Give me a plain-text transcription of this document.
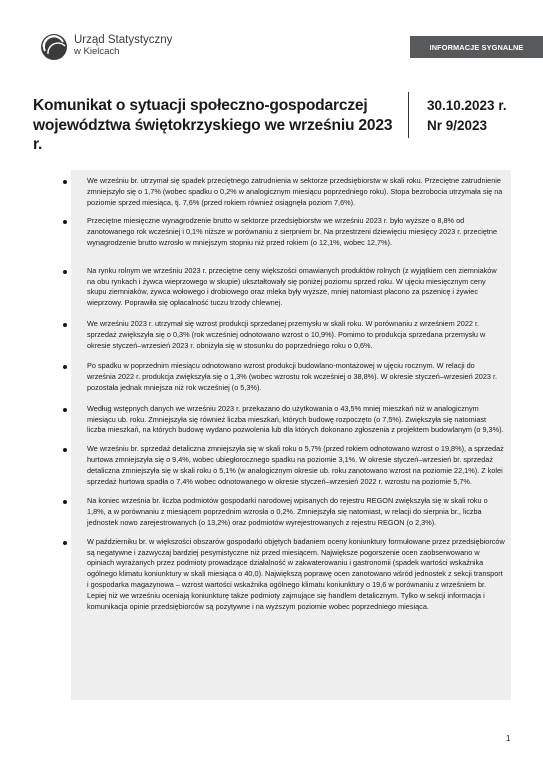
Urząd Statystyczny
w Kielcach	INFORMACJE SYGNALNE
Komunikat o sytuacji społeczno-gospodarczej
województwa świętokrzyskiego we wrześniu 2023 r.
30.10.2023 r.
Nr 9/2023
We wrześniu br. utrzymał się spadek przeciętnego zatrudnienia w sektorze przedsiębiorstw w skali roku. Przeciętne zatrudnienie zmniejszyło się o 1,7% (wobec spadku o 0,2% w analogicznym miesiącu poprzedniego roku). Stopa bezrobocia utrzymała się na poziomie sprzed miesiąca, tj. 7,6% (przed rokiem również osiągnęła poziom 7,6%).
Przeciętne miesięczne wynagrodzenie brutto w sektorze przedsiębiorstw we wrześniu 2023 r. było wyższe o 8,8% od zanotowanego rok wcześniej i 0,1% niższe w porównaniu z sierpniem br. Na przestrzeni dziewięciu miesięcy 2023 r. przeciętne wynagrodzenie brutto wzrosło w mniejszym stopniu niż przed rokiem (o 12,1%, wobec 12,7%).
Na rynku rolnym we wrześniu 2023 r. przeciętne ceny większości omawianych produktów rolnych (z wyjątkiem cen ziemniaków na obu rynkach i żywca wieprzowego w skupie) ukształtowały się poniżej poziomu sprzed roku. W ujęciu miesięcznym ceny skupu ziemniaków, żywca wołowego i drobiowego oraz mleka były wyższe, mniej natomiast płacono za pszenicę i żywiec wieprzowy. Poprawiła się opłacalność tuczu trzody chlewnej.
We wrześniu 2023 r. utrzymał się wzrost produkcji sprzedanej przemysłu w skali roku. W porównaniu z wrześniem 2022 r. sprzedaż zwiększyła się o 0,3% (rok wcześniej odnotowano wzrost o 10,9%). Pomimo to produkcja sprzedana przemysłu w okresie styczeń–wrzesień 2023 r. obniżyła się w stosunku do poprzedniego roku o 0,6%.
Po spadku w poprzednim miesiącu odnotowano wzrost produkcji budowlano-montażowej w ujęciu rocznym. W relacji do września 2022 r. produkcja zwiększyła się o 1,3% (wobec wzrostu rok wcześniej o 38,8%). W okresie styczeń–wrzesień 2023 r. pozostała jednak mniejsza niż rok wcześniej (o 5,3%).
Według wstępnych danych we wrześniu 2023 r. przekazano do użytkowania o 43,5% mniej mieszkań niż w analogicznym miesiącu ub. roku. Zmniejszyła się również liczba mieszkań, których budowę rozpoczęto (o 7,5%). Zwiększyła się natomiast liczba mieszkań, na których budowę wydano pozwolenia lub dla których dokonano zgłoszenia z projektem budowlanym (o 9,3%).
We wrześniu br. sprzedaż detaliczna zmniejszyła się w skali roku o 5,7% (przed rokiem odnotowano wzrost o 19,8%), a sprzedaż hurtowa zmniejszyła się o 9,4%, wobec ubiegłorocznego spadku na poziomie 3,1%. W okresie styczeń–wrzesień br. sprzedaż detaliczna zmniejszyła się w skali roku o 5,1% (w analogicznym okresie ub. roku zanotowano wzrost na poziomie 22,1%). Z kolei sprzedaż hurtowa spadła o 7,4% wobec odnotowanego w okresie styczeń–wrzesień 2022 r. wzrostu na poziomie 5,7%.
Na koniec września br. liczba podmiotów gospodarki narodowej wpisanych do rejestru REGON zwiększyła się w skali roku o 1,8%, a w porównaniu z miesiącem poprzednim wzrosła o 0,2%. Zmniejszyła się natomiast, w relacji do sierpnia br., liczba jednostek nowo zarejestrowanych (o 13,2%) oraz podmiotów wyrejestrowanych z rejestru REGON (o 2,3%).
W październiku br. w większości obszarów gospodarki objętych badaniem oceny koniunktury formułowane przez przedsiębiorców są negatywne i zazwyczaj bardziej pesymistyczne niż przed miesiącem. Największe pogorszenie ocen zaobserwowano w opiniach wyrażanych przez podmioty prowadzące działalność w zakwaterowaniu i gastronomii (spadek wartości wskaźnika ogólnego klimatu koniunktury w skali miesiąca o 40,0). Największą poprawę ocen zanotowano wśród jednostek z sekcji transport i gospodarka magazynowa – wzrost wartości wskaźnika ogólnego klimatu koniunktury o 19,6 w porównaniu z wrześniem br. Lepiej niż we wrześniu oceniają koniunkturę także podmioty zajmujące się handlem detalicznym. Tylko w sekcji informacja i komunikacja opinie przedsiębiorców są pozytywne i na wyższym poziomie wobec poprzedniego miesiąca.
1
